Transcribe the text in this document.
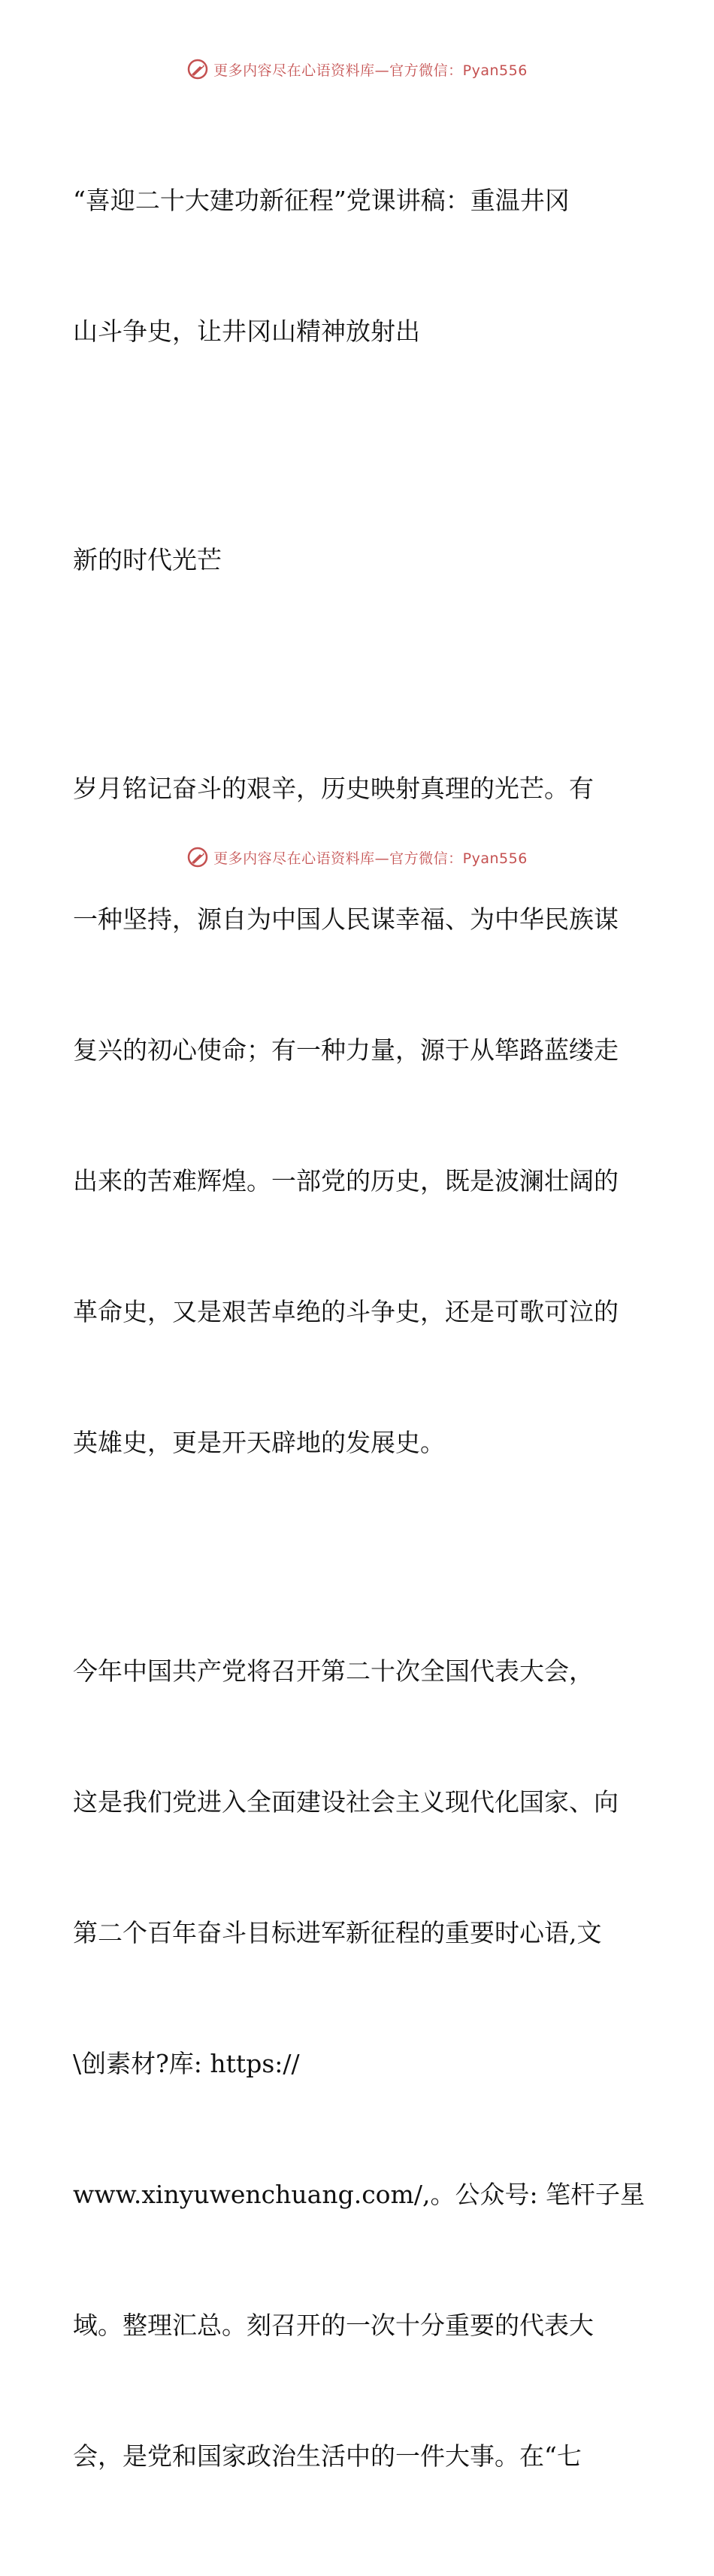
更多内容尽在心语资料库—官方微信：Pyan556

“喜迎二十大建功新征程”党课讲稿：重温井冈

山斗争史，让井冈山精神放射出

新的时代光芒

岁月铭记奋斗的艰辛，历史映射真理的光芒。有

一种坚持，源自为中国人民谋幸福、为中华民族谋

复兴的初心使命；有一种力量，源于从筚路蓝缕走

出来的苦难辉煌。一部党的历史，既是波澜壮阔的

革命史，又是艰苦卓绝的斗争史，还是可歌可泣的

英雄史，更是开天辟地的发展史。

今年中国共产党将召开第二十次全国代表大会，

这是我们党进入全面建设社会主义现代化国家、向

第二个百年奋斗目标进军新征程的重要时心语,文

\创素材?库: https://

www.xinyuwenchuang.com/,。公众号: 笔杆子星

域。整理汇总。刻召开的一次十分重要的代表大

会，是党和国家政治生活中的一件大事。在“七

更多内容尽在心语资料库—官方微信：Pyan556
